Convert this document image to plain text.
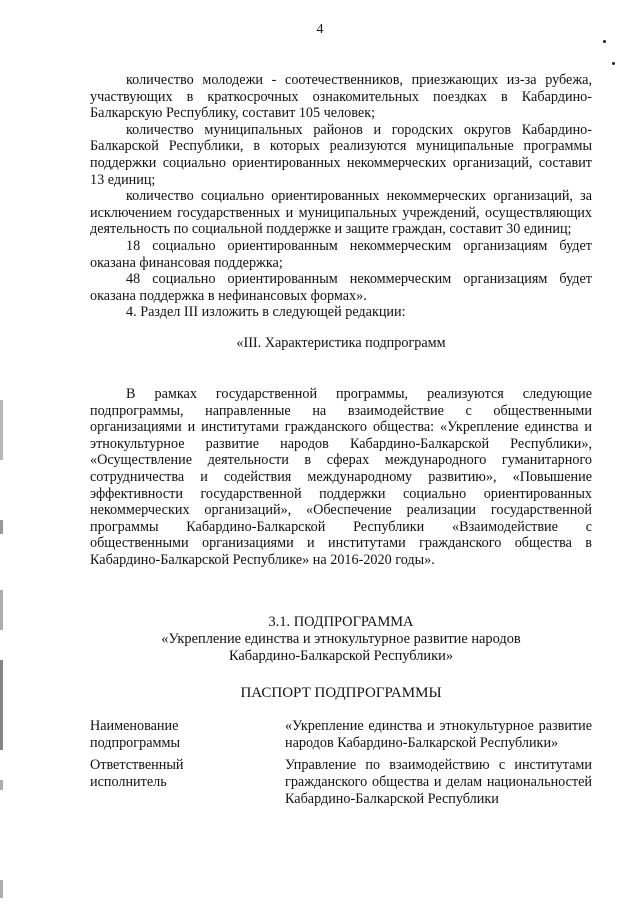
4

количество молодежи - соотечественников, приезжающих из-за рубежа, участвующих в краткосрочных ознакомительных поездках в Кабардино-Балкарскую Республику, составит 105 человек;

количество муниципальных районов и городских округов Кабардино-Балкарской Республики, в которых реализуются муниципальные программы поддержки социально ориентированных некоммерческих организаций, составит 13 единиц;

количество социально ориентированных некоммерческих организаций, за исключением государственных и муниципальных учреждений, осуществляющих деятельность по социальной поддержке и защите граждан, составит 30 единиц;

18 социально ориентированным некоммерческим организациям будет оказана финансовая поддержка;

48 социально ориентированным некоммерческим организациям будет оказана поддержка в нефинансовых формах».

4. Раздел III изложить в следующей редакции:

«III. Характеристика подпрограмм

В рамках государственной программы, реализуются следующие подпрограммы, направленные на взаимодействие с общественными организациями и институтами гражданского общества: «Укрепление единства и этнокультурное развитие народов Кабардино-Балкарской Республики», «Осуществление деятельности в сферах международного гуманитарного сотрудничества и содействия международному развитию», «Повышение эффективности государственной поддержки социально ориентированных некоммерческих организаций», «Обеспечение реализации государственной программы Кабардино-Балкарской Республики «Взаимодействие с общественными организациями и институтами гражданского общества в Кабардино-Балкарской Республике» на 2016-2020 годы».

3.1. ПОДПРОГРАММА
«Укрепление единства и этнокультурное развитие народов
Кабардино-Балкарской Республики»
ПАСПОРТ ПОДПРОГРАММЫ
Наименование
подпрограммы
«Укрепление единства и этнокультурное развитие народов Кабардино-Балкарской Республики»
Ответственный
исполнитель
Управление по взаимодействию с институтами гражданского общества и делам национальностей Кабардино-Балкарской Республики
